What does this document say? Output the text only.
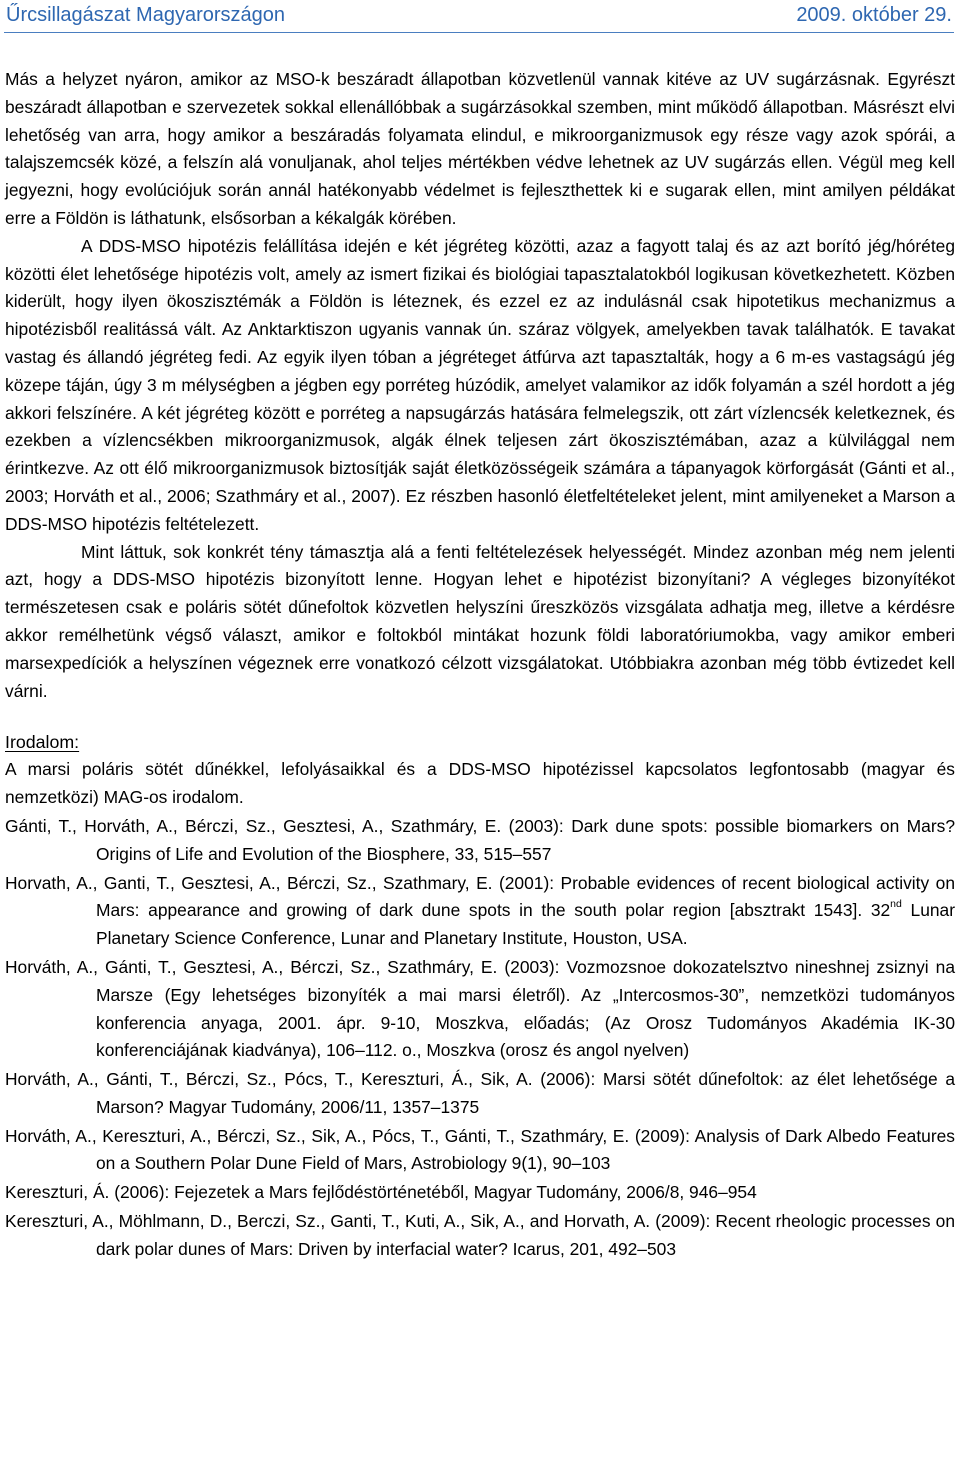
Űrcsillagászat Magyarországon	2009. október 29.

Más a helyzet nyáron, amikor az MSO-k beszáradt állapotban közvetlenül vannak kitéve az UV sugárzásnak. Egyrészt beszáradt állapotban e szervezetek sokkal ellenállóbbak a sugárzásokkal szemben, mint működő állapotban. Másrészt elvi lehetőség van arra, hogy amikor a beszáradás folyamata elindul, e mikroorganizmusok egy része vagy azok spórái, a talajszemcsék közé, a felszín alá vonuljanak, ahol teljes mértékben védve lehetnek az UV sugárzás ellen. Végül meg kell jegyezni, hogy evolúciójuk során annál hatékonyabb védelmet is fejleszthettek ki e sugarak ellen, mint amilyen példákat erre a Földön is láthatunk, elsősorban a kékalgák körében.

A DDS-MSO hipotézis felállítása idején e két jégréteg közötti, azaz a fagyott talaj és az azt borító jég/hóréteg közötti élet lehetősége hipotézis volt, amely az ismert fizikai és biológiai tapasztalatokból logikusan következhetett. Közben kiderült, hogy ilyen ökoszisztémák a Földön is léteznek, és ezzel ez az indulásnál csak hipotetikus mechanizmus a hipotézisből realitássá vált. Az Anktarktiszon ugyanis vannak ún. száraz völgyek, amelyekben tavak találhatók. E tavakat vastag és állandó jégréteg fedi. Az egyik ilyen tóban a jégréteget átfúrva azt tapasztalták, hogy a 6 m-es vastagságú jég közepe táján, úgy 3 m mélységben a jégben egy porréteg húzódik, amelyet valamikor az idők folyamán a szél hordott a jég akkori felszínére. A két jégréteg között e porréteg a napsugárzás hatására felmelegszik, ott zárt vízlencsék keletkeznek, és ezekben a vízlencsékben mikroorganizmusok, algák élnek teljesen zárt ökoszisztémában, azaz a külvilággal nem érintkezve. Az ott élő mikroorganizmusok biztosítják saját életközösségeik számára a tápanyagok körforgását (Gánti et al., 2003; Horváth et al., 2006; Szathmáry et al., 2007). Ez részben hasonló életfeltételeket jelent, mint amilyeneket a Marson a DDS-MSO hipotézis feltételezett.

Mint láttuk, sok konkrét tény támasztja alá a fenti feltételezések helyességét. Mindez azonban még nem jelenti azt, hogy a DDS-MSO hipotézis bizonyított lenne. Hogyan lehet e hipotézist bizonyítani? A végleges bizonyítékot természetesen csak e poláris sötét dűnefoltok közvetlen helyszíni űreszközös vizsgálata adhatja meg, illetve a kérdésre akkor remélhetünk végső választ, amikor e foltokból mintákat hozunk földi laboratóriumokba, vagy amikor emberi marsexpedíciók a helyszínen végeznek erre vonatkozó célzott vizsgálatokat. Utóbbiakra azonban még több évtizedet kell várni.

Irodalom:

A marsi poláris sötét dűnékkel, lefolyásaikkal és a DDS-MSO hipotézissel kapcsolatos legfontosabb (magyar és nemzetközi) MAG-os irodalom.

Gánti, T., Horváth, A., Bérczi, Sz., Gesztesi, A., Szathmáry, E. (2003): Dark dune spots: possible biomarkers on Mars? Origins of Life and Evolution of the Biosphere, 33, 515–557

Horvath, A., Ganti, T., Gesztesi, A., Bérczi, Sz., Szathmary, E. (2001): Probable evidences of recent biological activity on Mars: appearance and growing of dark dune spots in the south polar region [absztrakt 1543]. 32nd Lunar Planetary Science Conference, Lunar and Planetary Institute, Houston, USA.

Horváth, A., Gánti, T., Gesztesi, A., Bérczi, Sz., Szathmáry, E. (2003): Vozmozsnoe dokozatelsztvo nineshnej zsiznyi na Marsze (Egy lehetséges bizonyíték a mai marsi életről). Az „Intercosmos-30”, nemzetközi tudományos konferencia anyaga, 2001. ápr. 9-10, Moszkva, előadás; (Az Orosz Tudományos Akadémia IK-30 konferenciájának kiadványa), 106–112. o., Moszkva (orosz és angol nyelven)

Horváth, A., Gánti, T., Bérczi, Sz., Pócs, T., Kereszturi, Á., Sik, A. (2006): Marsi sötét dűnefoltok: az élet lehetősége a Marson? Magyar Tudomány, 2006/11, 1357–1375

Horváth, A., Kereszturi, A., Bérczi, Sz., Sik, A., Pócs, T., Gánti, T., Szathmáry, E. (2009): Analysis of Dark Albedo Features on a Southern Polar Dune Field of Mars, Astrobiology 9(1), 90–103

Kereszturi, Á. (2006): Fejezetek a Mars fejlődéstörténetéből, Magyar Tudomány, 2006/8, 946–954

Kereszturi, A., Möhlmann, D., Berczi, Sz., Ganti, T., Kuti, A., Sik, A., and Horvath, A. (2009): Recent rheologic processes on dark polar dunes of Mars: Driven by interfacial water? Icarus, 201, 492–503
